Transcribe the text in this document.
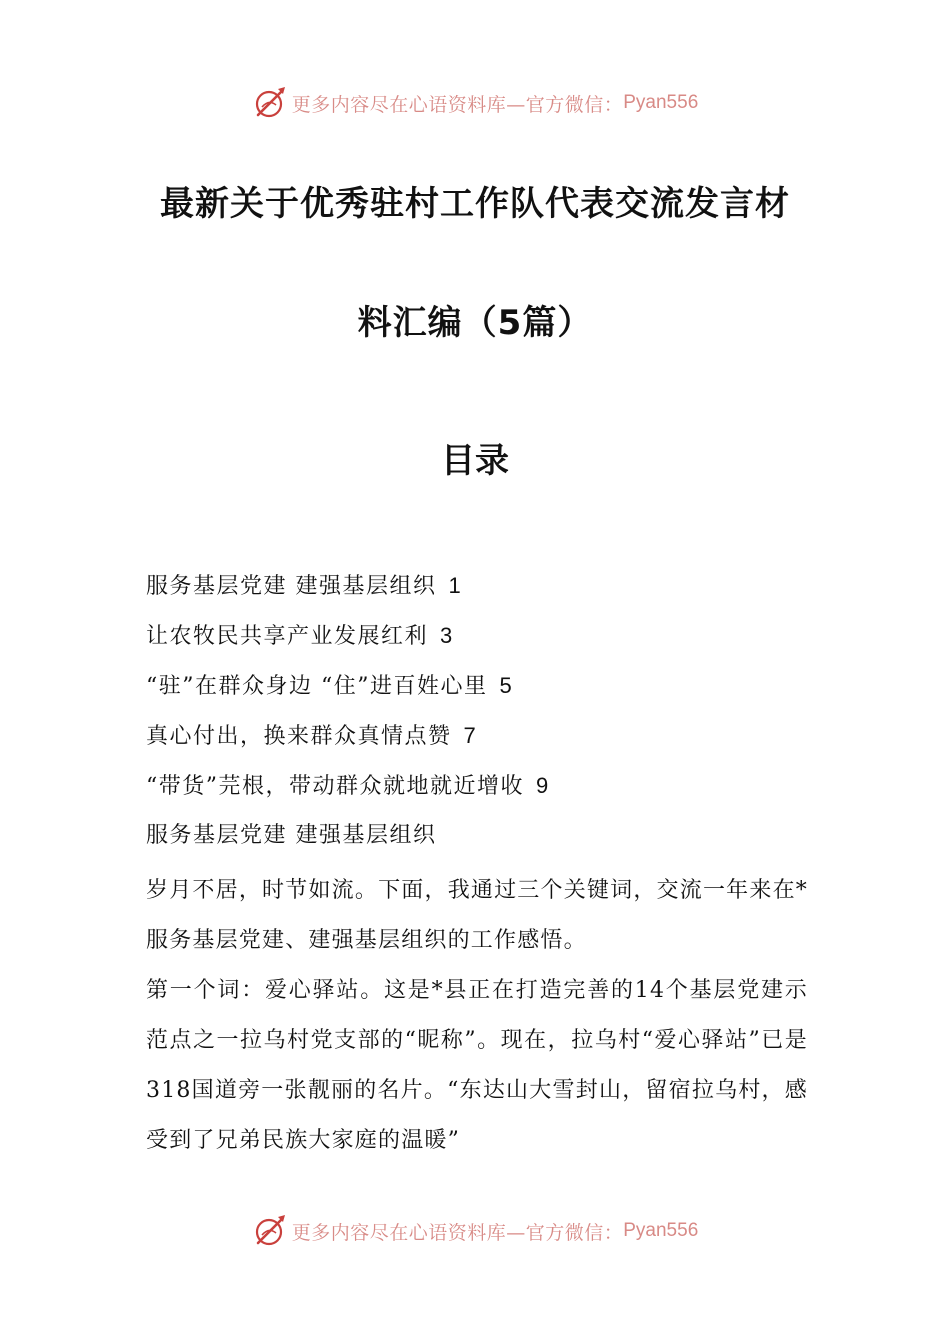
更多内容尽在心语资料库—官方微信： Pyan556
最新关于优秀驻村工作队代表交流发言材
料汇编（5篇）
目录
服务基层党建 建强基层组织 1
让农牧民共享产业发展红利 3
“驻”在群众身边 “住”进百姓心里 5
真心付出，换来群众真情点赞 7
“带货”芫根，带动群众就地就近增收 9
服务基层党建 建强基层组织
岁月不居，时节如流。下面，我通过三个关键词，交流一年来在*服务基层党建、建强基层组织的工作感悟。
第一个词：爱心驿站。这是*县正在打造完善的14个基层党建示范点之一拉乌村党支部的“昵称”。现在，拉乌村“爱心驿站”已是318国道旁一张靓丽的名片。“东达山大雪封山，留宿拉乌村，感受到了兄弟民族大家庭的温暖”
更多内容尽在心语资料库—官方微信： Pyan556
